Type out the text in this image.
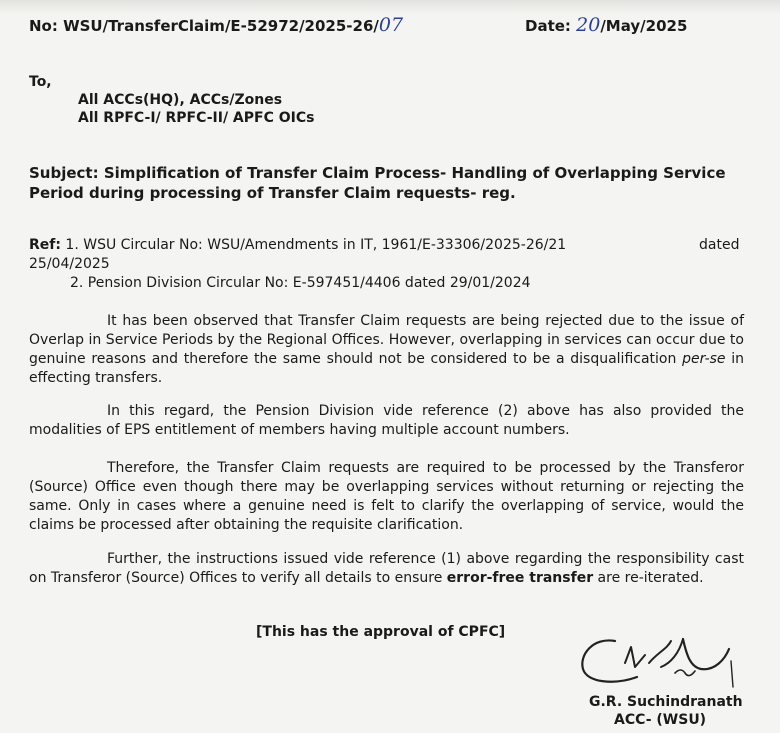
No: WSU/TransferClaim/E-52972/2025-26/07	Date: 20/May/2025
To,
All ACCs(HQ), ACCs/Zones
All RPFC-I/ RPFC-II/ APFC OICs
Subject: Simplification of Transfer Claim Process- Handling of Overlapping Service
Period during processing of Transfer Claim requests- reg.
Ref: 1. WSU Circular No: WSU/Amendments in IT, 1961/E-33306/2025-26/21	dated
25/04/2025
2. Pension Division Circular No: E-597451/4406 dated 29/01/2024
It has been observed that Transfer Claim requests are being rejected due to the issue of Overlap in Service Periods by the Regional Offices. However, overlapping in services can occur due to genuine reasons and therefore the same should not be considered to be a disqualification per-se in effecting transfers.
In this regard, the Pension Division vide reference (2) above has also provided the modalities of EPS entitlement of members having multiple account numbers.
Therefore, the Transfer Claim requests are required to be processed by the Transferor (Source) Office even though there may be overlapping services without returning or rejecting the same. Only in cases where a genuine need is felt to clarify the overlapping of service, would the claims be processed after obtaining the requisite clarification.
Further, the instructions issued vide reference (1) above regarding the responsibility cast on Transferor (Source) Offices to verify all details to ensure error-free transfer are re-iterated.
[This has the approval of CPFC]
G.R. Suchindranath
ACC- (WSU)
